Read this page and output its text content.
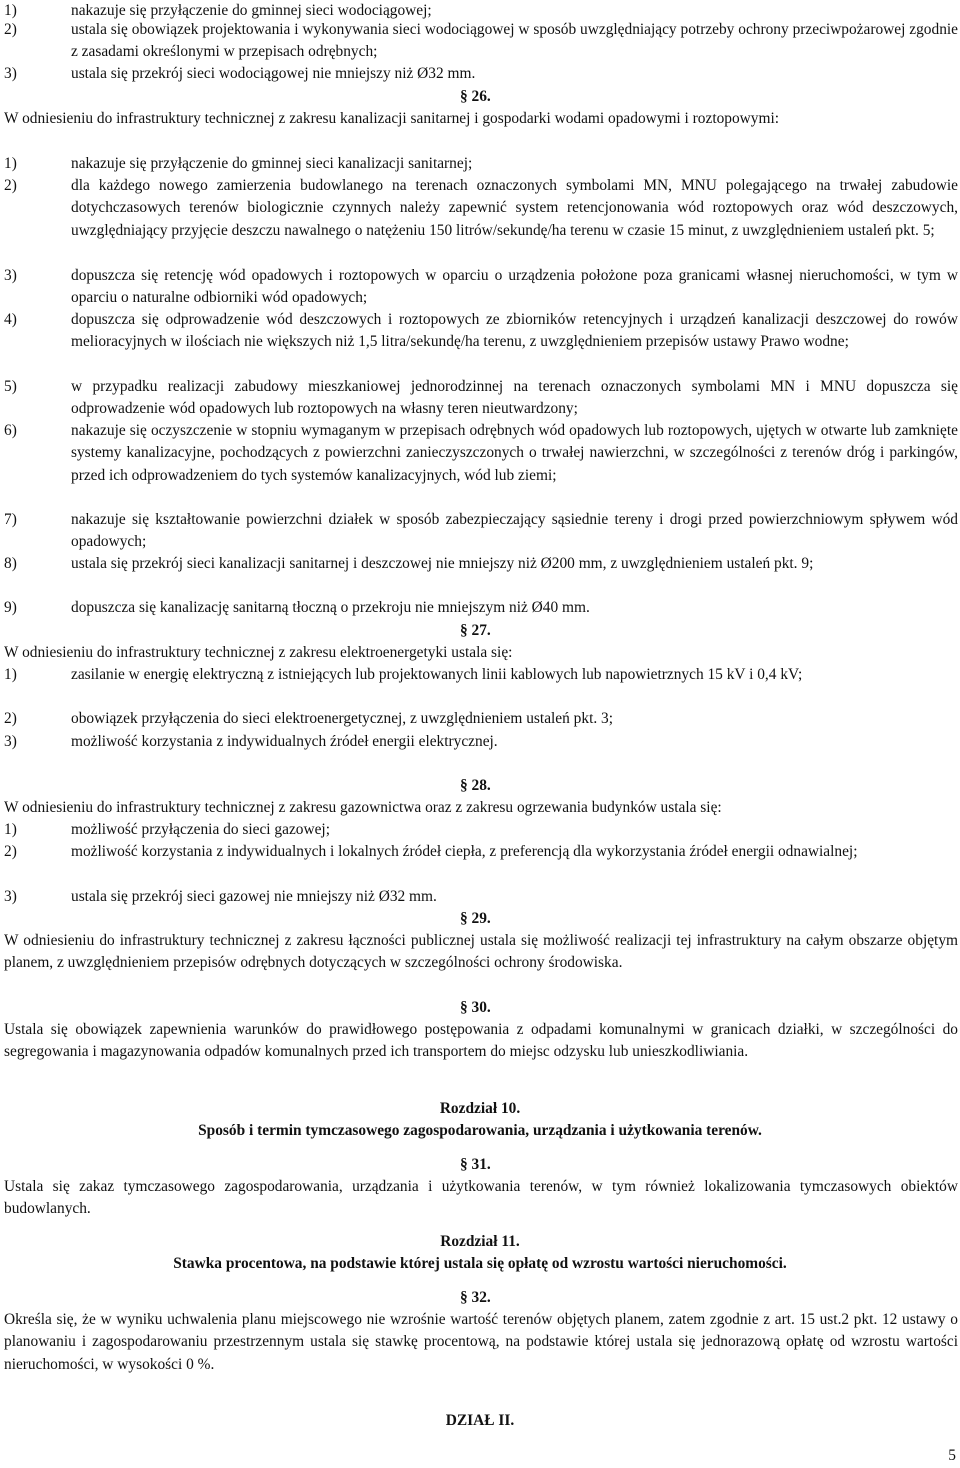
1)	nakazuje się przyłączenie do gminnej sieci wodociągowej;
2)	ustala się obowiązek projektowania i wykonywania sieci wodociągowej w sposób uwzględniający potrzeby ochrony przeciwpożarowej zgodnie z zasadami określonymi w przepisach odrębnych;
3)	ustala się przekrój sieci wodociągowej nie mniejszy niż Ø32 mm.
§ 26.
W odniesieniu do infrastruktury technicznej z zakresu kanalizacji sanitarnej i gospodarki wodami opadowymi i roztopowymi:
1)	nakazuje się przyłączenie do gminnej sieci kanalizacji sanitarnej;
2)	dla każdego nowego zamierzenia budowlanego na terenach oznaczonych symbolami MN, MNU polegającego na trwałej zabudowie dotychczasowych terenów biologicznie czynnych należy zapewnić system retencjonowania wód roztopowych oraz wód deszczowych, uwzględniający przyjęcie deszczu nawalnego o natężeniu 150 litrów/sekundę/ha terenu w czasie 15 minut, z uwzględnieniem ustaleń pkt. 5;
3)	dopuszcza się retencję wód opadowych i roztopowych w oparciu o urządzenia położone poza granicami własnej nieruchomości, w tym w oparciu o naturalne odbiorniki wód opadowych;
4)	dopuszcza się odprowadzenie wód deszczowych i roztopowych ze zbiorników retencyjnych i urządzeń kanalizacji deszczowej do rowów melioracyjnych w ilościach nie większych niż 1,5 litra/sekundę/ha terenu, z uwzględnieniem przepisów ustawy Prawo wodne;
5)	w przypadku realizacji zabudowy mieszkaniowej jednorodzinnej na terenach oznaczonych symbolami MN i MNU dopuszcza się odprowadzenie wód opadowych lub roztopowych na własny teren nieutwardzony;
6)	nakazuje się oczyszczenie w stopniu wymaganym w przepisach odrębnych wód opadowych lub roztopowych, ujętych w otwarte lub zamknięte systemy kanalizacyjne, pochodzących z powierzchni zanieczyszczonych o trwałej nawierzchni, w szczególności z terenów dróg i parkingów, przed ich odprowadzeniem do tych systemów kanalizacyjnych, wód lub ziemi;
7)	nakazuje się kształtowanie powierzchni działek w sposób zabezpieczający sąsiednie tereny i drogi przed powierzchniowym spływem wód opadowych;
8)	ustala się przekrój sieci kanalizacji sanitarnej i deszczowej nie mniejszy niż Ø200 mm, z uwzględnieniem ustaleń pkt. 9;
9)	dopuszcza się kanalizację sanitarną tłoczną o przekroju nie mniejszym niż Ø40 mm.
§ 27.
W odniesieniu do infrastruktury technicznej z zakresu elektroenergetyki ustala się:
1)	zasilanie w energię elektryczną z istniejących lub projektowanych linii kablowych lub napowietrznych 15 kV i 0,4 kV;
2)	obowiązek przyłączenia do sieci elektroenergetycznej, z uwzględnieniem ustaleń pkt. 3;
3)	możliwość korzystania z indywidualnych źródeł energii elektrycznej.
§ 28.
W odniesieniu do infrastruktury technicznej z zakresu gazownictwa oraz z zakresu ogrzewania budynków ustala się:
1)	możliwość przyłączenia do sieci gazowej;
2)	możliwość korzystania z indywidualnych i lokalnych źródeł ciepła, z preferencją dla wykorzystania źródeł energii odnawialnej;
3)	ustala się przekrój sieci gazowej nie mniejszy niż Ø32 mm.
§ 29.
W odniesieniu do infrastruktury technicznej z zakresu łączności publicznej ustala się możliwość realizacji tej infrastruktury na całym obszarze objętym planem, z uwzględnieniem przepisów odrębnych dotyczących w szczególności ochrony środowiska.
§ 30.
Ustala się obowiązek zapewnienia warunków do prawidłowego postępowania z odpadami komunalnymi w granicach działki, w szczególności do segregowania i magazynowania odpadów komunalnych przed ich transportem do miejsc odzysku lub unieszkodliwiania.
Rozdział 10.
Sposób i termin tymczasowego zagospodarowania, urządzania i użytkowania terenów.
§ 31.
Ustala się zakaz tymczasowego zagospodarowania, urządzania i użytkowania terenów, w tym również lokalizowania tymczasowych obiektów budowlanych.
Rozdział 11.
Stawka procentowa, na podstawie której ustala się opłatę od wzrostu wartości nieruchomości.
§ 32.
Określa się, że w wyniku uchwalenia planu miejscowego nie wzrośnie wartość terenów objętych planem, zatem zgodnie z art. 15 ust.2 pkt. 12 ustawy o planowaniu i zagospodarowaniu przestrzennym ustala się stawkę procentową, na podstawie której ustala się jednorazową opłatę od wzrostu wartości nieruchomości, w wysokości 0 %.
DZIAŁ II.
5
